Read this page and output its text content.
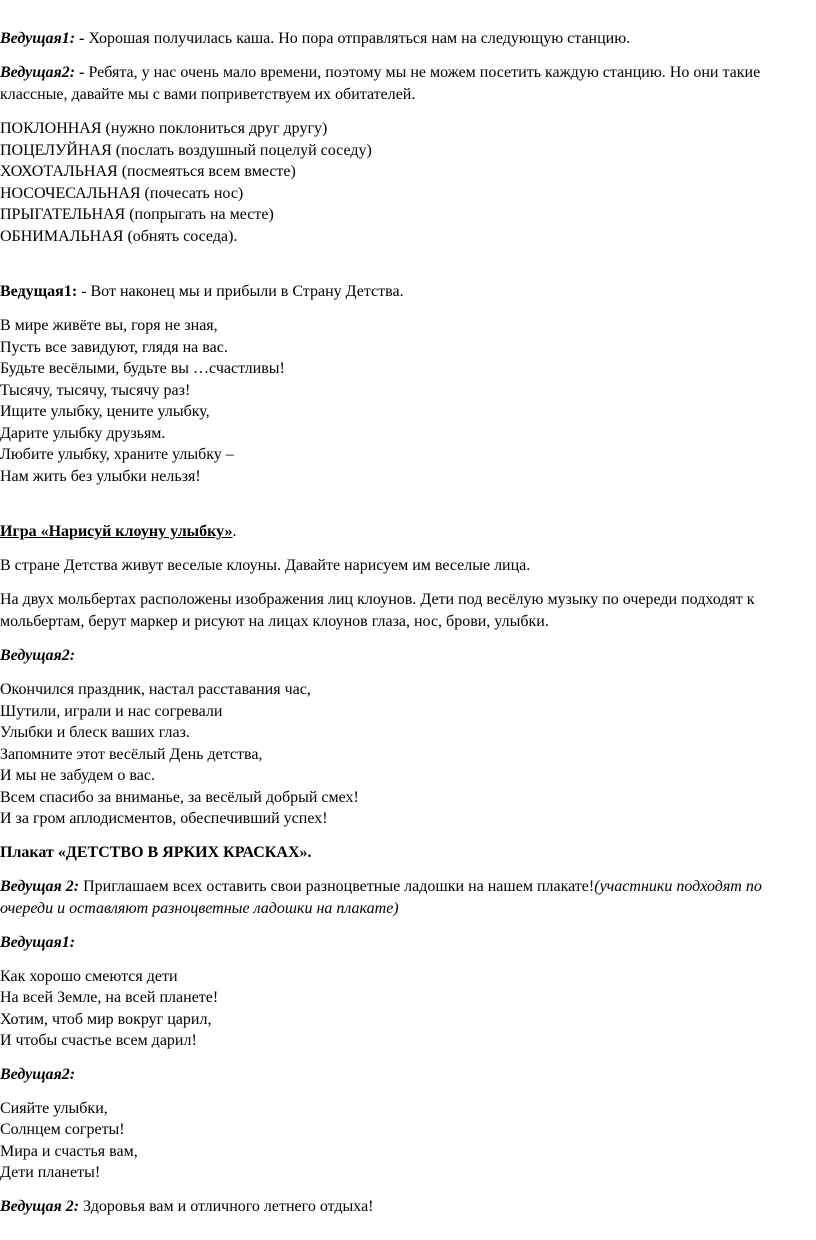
Ведущая1: - Хорошая получилась каша. Но пора отправляться нам на следующую станцию.

Ведущая2: - Ребята, у нас очень мало времени, поэтому мы не можем посетить каждую станцию. Но они такие классные, давайте мы с вами поприветствуем их обитателей.

ПОКЛОННАЯ (нужно поклониться друг другу)
ПОЦЕЛУЙНАЯ (послать воздушный поцелуй соседу)
ХОХОТАЛЬНАЯ (посмеяться всем вместе)
НОСОЧЕСАЛЬНАЯ (почесать нос)
ПРЫГАТЕЛЬНАЯ (попрыгать на месте)
ОБНИМАЛЬНАЯ (обнять соседа).

Ведущая1: - Вот наконец мы и прибыли в Страну Детства.

В мире живёте вы, горя не зная,
Пусть все завидуют, глядя на вас.
Будьте весёлыми, будьте вы …счастливы!
Тысячу, тысячу, тысячу раз!
Ищите улыбку, цените улыбку,
Дарите улыбку друзьям.
Любите улыбку, храните улыбку –
Нам жить без улыбки нельзя!

Игра «Нарисуй клоуну улыбку».

В стране Детства живут веселые клоуны. Давайте нарисуем им веселые лица.

На двух мольбертах расположены изображения лиц клоунов. Дети под весёлую музыку по очереди подходят к мольбертам, берут маркер и рисуют на лицах клоунов глаза, нос, брови, улыбки.

Ведущая2:

Окончился праздник, настал расставания час,
Шутили, играли и нас согревали
Улыбки и блеск ваших глаз.
Запомните этот весёлый День детства,
И мы не забудем о вас.
Всем спасибо за вниманье, за весёлый добрый смех!
И за гром аплодисментов, обеспечивший успех!

Плакат «ДЕТСТВО В ЯРКИХ КРАСКАХ».

Ведущая 2: Приглашаем всех оставить свои разноцветные ладошки на нашем плакате!(участники подходят по очереди и оставляют разноцветные ладошки на плакате)

Ведущая1:

Как хорошо смеются дети
На всей Земле, на всей планете!
Хотим, чтоб мир вокруг царил,
И чтобы счастье всем дарил!

Ведущая2:

Сияйте улыбки,
Солнцем согреты!
Мира и счастья вам,
Дети планеты!

Ведущая 2: Здоровья вам и отличного летнего отдыха!
